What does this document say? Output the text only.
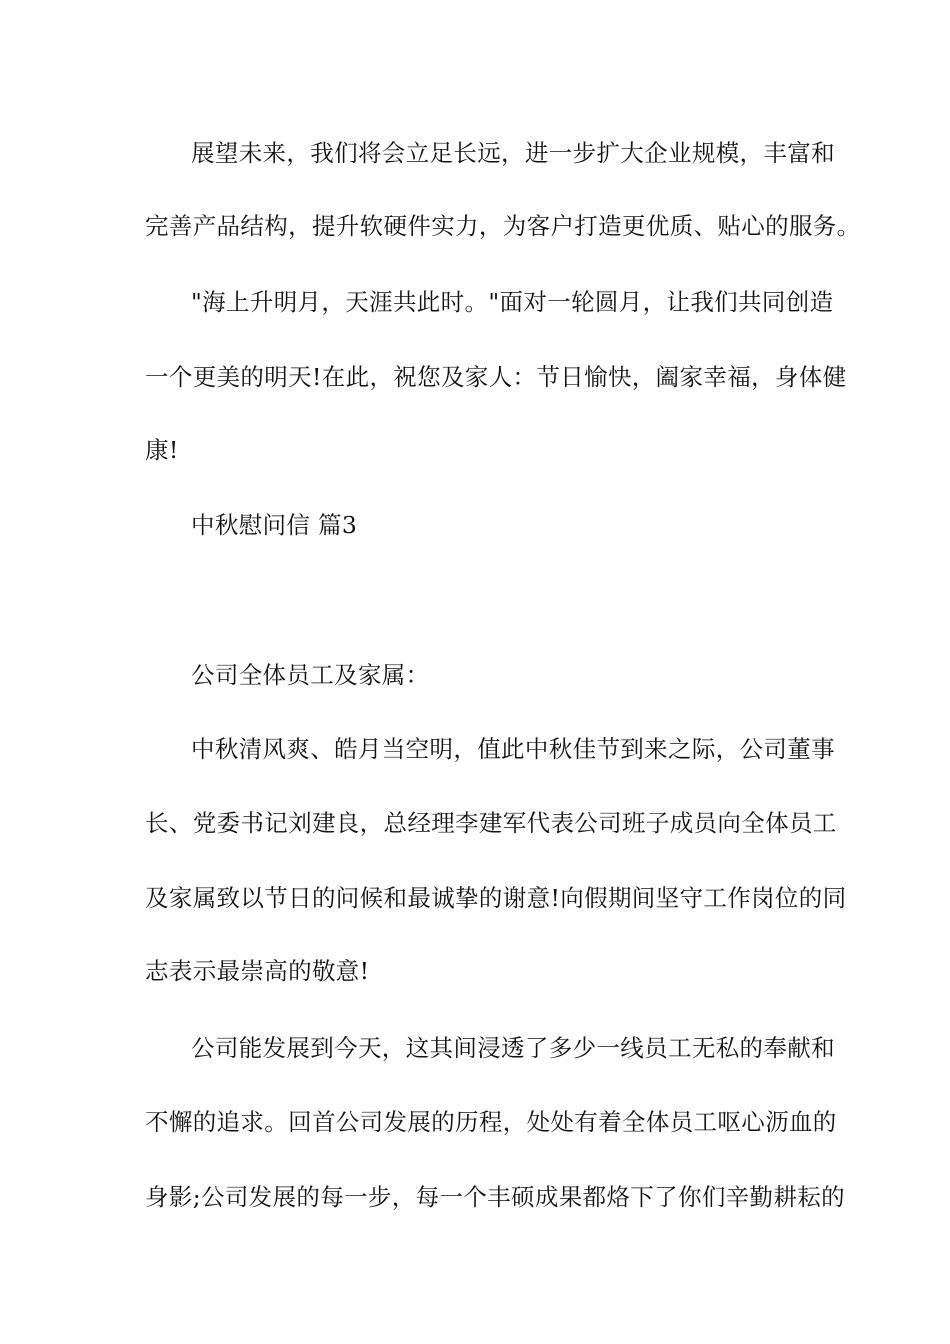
展望未来，我们将会立足长远，进一步扩大企业规模，丰富和
完善产品结构，提升软硬件实力，为客户打造更优质、贴心的服务。
"海上升明月，天涯共此时。"面对一轮圆月，让我们共同创造
一个更美的明天!在此，祝您及家人：节日愉快，阖家幸福，身体健
康!
中秋慰问信 篇3
公司全体员工及家属：
中秋清风爽、皓月当空明，值此中秋佳节到来之际，公司董事
长、党委书记刘建良，总经理李建军代表公司班子成员向全体员工
及家属致以节日的问候和最诚挚的谢意!向假期间坚守工作岗位的同
志表示最崇高的敬意!
公司能发展到今天，这其间浸透了多少一线员工无私的奉献和
不懈的追求。回首公司发展的历程，处处有着全体员工呕心沥血的
身影;公司发展的每一步，每一个丰硕成果都烙下了你们辛勤耕耘的
